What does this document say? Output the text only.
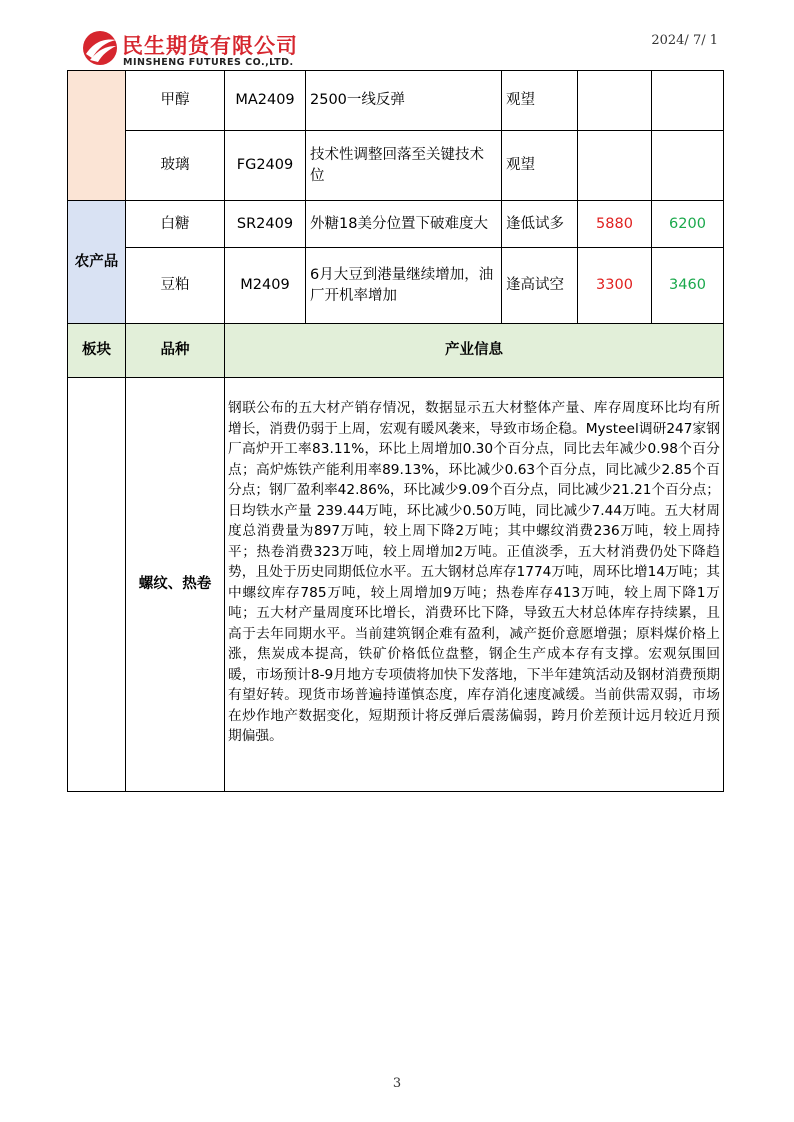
民生期货有限公司
MINSHENG FUTURES CO.,LTD.
2024/ 7/ 1
	甲醇	MA2409	2500一线反弹	观望		
	玻璃	FG2409	技术性调整回落至关键技术位	观望		
农产品	白糖	SR2409	外糖18美分位置下破难度大	逢低试多	5880	6200
	豆粕	M2409	6月大豆到港量继续增加，油厂开机率增加	逢高试空	3300	3460
板块	品种	产业信息				
	螺纹、热卷	钢联公布的五大材产销存情况，数据显示五大材整体产量、库存周度环比均有所增长，消费仍弱于上周，宏观有暖风袭来，导致市场企稳。Mysteel调研247家钢厂高炉开工率83.11%，环比上周增加0.30个百分点，同比去年减少0.98个百分点；高炉炼铁产能利用率89.13%，环比减少0.63个百分点，同比减少2.85个百分点；钢厂盈利率42.86%，环比减少9.09个百分点，同比减少21.21个百分点；日均铁水产量 239.44万吨，环比减少0.50万吨，同比减少7.44万吨。五大材周度总消费量为897万吨，较上周下降2万吨；其中螺纹消费236万吨，较上周持平；热卷消费323万吨，较上周增加2万吨。正值淡季，五大材消费仍处下降趋势，且处于历史同期低位水平。五大钢材总库存1774万吨，周环比增14万吨；其中螺纹库存785万吨，较上周增加9万吨；热卷库存413万吨，较上周下降1万吨；五大材产量周度环比增长，消费环比下降，导致五大材总体库存持续累，且高于去年同期水平。当前建筑钢企难有盈利，减产挺价意愿增强；原料煤价格上涨，焦炭成本提高，铁矿价格低位盘整，钢企生产成本存有支撑。宏观氛围回暖，市场预计8-9月地方专项债将加快下发落地，下半年建筑活动及钢材消费预期有望好转。现货市场普遍持谨慎态度，库存消化速度减缓。当前供需双弱，市场在炒作地产数据变化，短期预计将反弹后震荡偏弱，跨月价差预计远月较近月预期偏强。				
3
